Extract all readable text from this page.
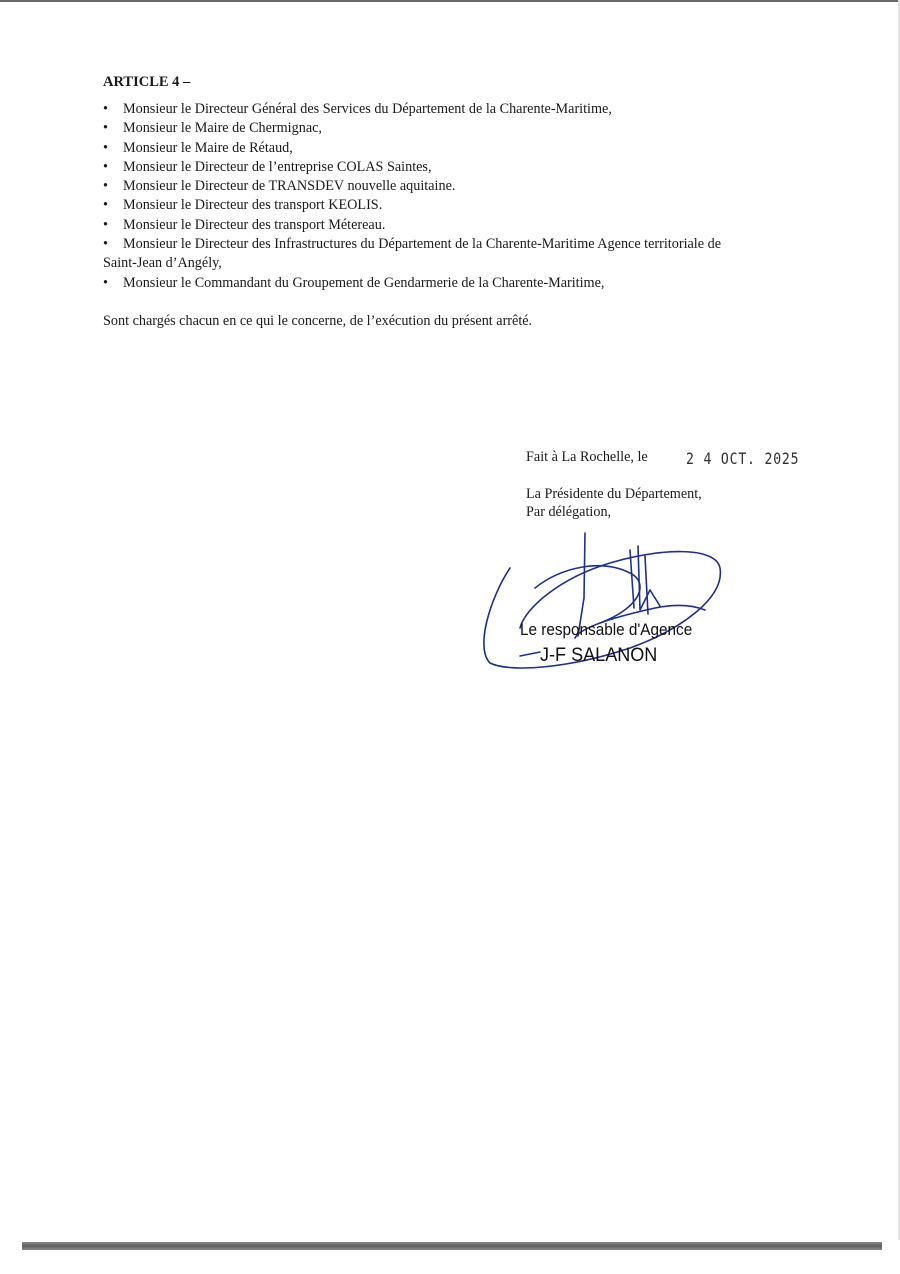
ARTICLE 4 –
•	Monsieur le Directeur Général des Services du Département de la Charente-Maritime,
•	Monsieur le Maire de Chermignac,
•	Monsieur le Maire de Rétaud,
•	Monsieur le Directeur de l’entreprise COLAS Saintes,
•	Monsieur le Directeur de TRANSDEV nouvelle aquitaine.
•	Monsieur le Directeur des transport KEOLIS.
•	Monsieur le Directeur des transport Métereau.
•	Monsieur le Directeur des Infrastructures du Département de la Charente-Maritime Agence territoriale de
Saint-Jean d’Angély,
•	Monsieur le Commandant du Groupement de Gendarmerie de la Charente-Maritime,

Sont chargés chacun en ce qui le concerne, de l’exécution du présent arrêté.

Fait à La Rochelle, le 2 4 OCT. 2025
La Présidente du Département,
Par délégation,
Le responsable d'Agence
J-F SALANON
